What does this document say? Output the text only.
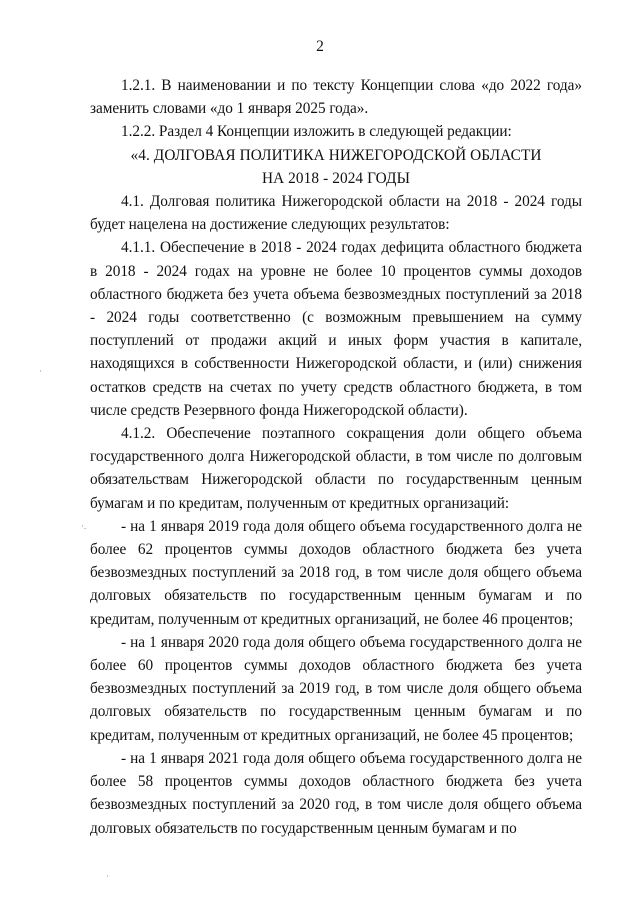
2

1.2.1. В наименовании и по тексту Концепции слова «до 2022 года» заменить словами «до 1 января 2025 года».

1.2.2. Раздел 4 Концепции изложить в следующей редакции:

«4. ДОЛГОВАЯ ПОЛИТИКА НИЖЕГОРОДСКОЙ ОБЛАСТИ

НА 2018 - 2024 ГОДЫ

4.1. Долговая политика Нижегородской области на 2018 - 2024 годы будет нацелена на достижение следующих результатов:

4.1.1. Обеспечение в 2018 - 2024 годах дефицита областного бюджета в 2018 - 2024 годах на уровне не более 10 процентов суммы доходов областного бюджета без учета объема безвозмездных поступлений за 2018 - 2024 годы соответственно (с возможным превышением на сумму поступлений от продажи акций и иных форм участия в капитале, находящихся в собственности Нижегородской области, и (или) снижения остатков средств на счетах по учету средств областного бюджета, в том числе средств Резервного фонда Нижегородской области).

4.1.2. Обеспечение поэтапного сокращения доли общего объема государственного долга Нижегородской области, в том числе по долговым обязательствам Нижегородской области по государственным ценным бумагам и по кредитам, полученным от кредитных организаций:

- на 1 января 2019 года доля общего объема государственного долга не более 62 процентов суммы доходов областного бюджета без учета безвозмездных поступлений за 2018 год, в том числе доля общего объема долговых обязательств по государственным ценным бумагам и по кредитам, полученным от кредитных организаций, не более 46 процентов;

- на 1 января 2020 года доля общего объема государственного долга не более 60 процентов суммы доходов областного бюджета без учета безвозмездных поступлений за 2019 год, в том числе доля общего объема долговых обязательств по государственным ценным бумагам и по кредитам, полученным от кредитных организаций, не более 45 процентов;

- на 1 января 2021 года доля общего объема государственного долга не более 58 процентов суммы доходов областного бюджета без учета безвозмездных поступлений за 2020 год, в том числе доля общего объема долговых обязательств по государственным ценным бумагам и по

·
·.
·
